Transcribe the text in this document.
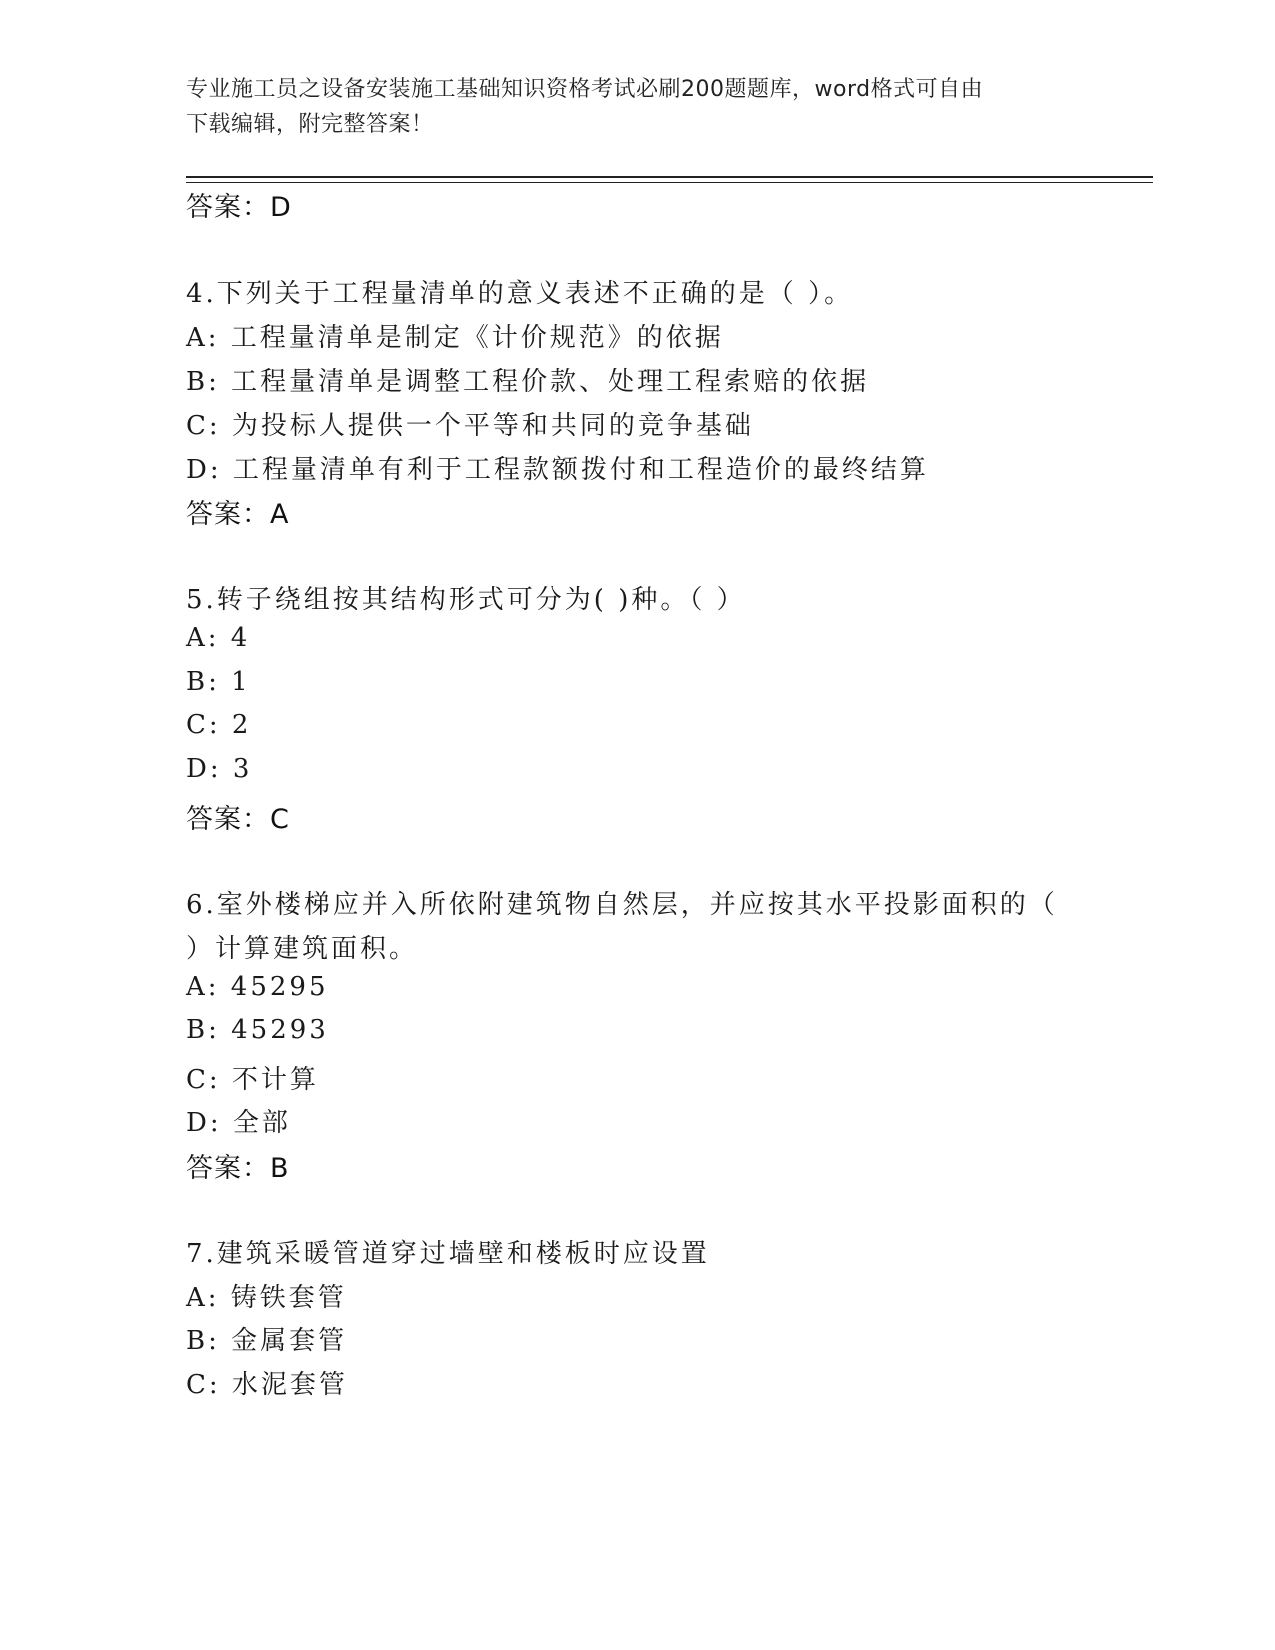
专业施工员之设备安装施工基础知识资格考试必刷200题题库，word格式可自由
下载编辑，附完整答案！
答案：D
4.下列关于工程量清单的意义表述不正确的是（ ）。
A: 工程量清单是制定《计价规范》的依据
B: 工程量清单是调整工程价款、处理工程索赔的依据
C: 为投标人提供一个平等和共同的竞争基础
D: 工程量清单有利于工程款额拨付和工程造价的最终结算
答案：A
5.转子绕组按其结构形式可分为( )种。（ ）
A: 4
B: 1
C: 2
D: 3
答案：C
6.室外楼梯应并入所依附建筑物自然层，并应按其水平投影面积的（
）计算建筑面积。
A: 45295
B: 45293
C: 不计算
D: 全部
答案：B
7.建筑采暖管道穿过墙壁和楼板时应设置
A: 铸铁套管
B: 金属套管
C: 水泥套管
